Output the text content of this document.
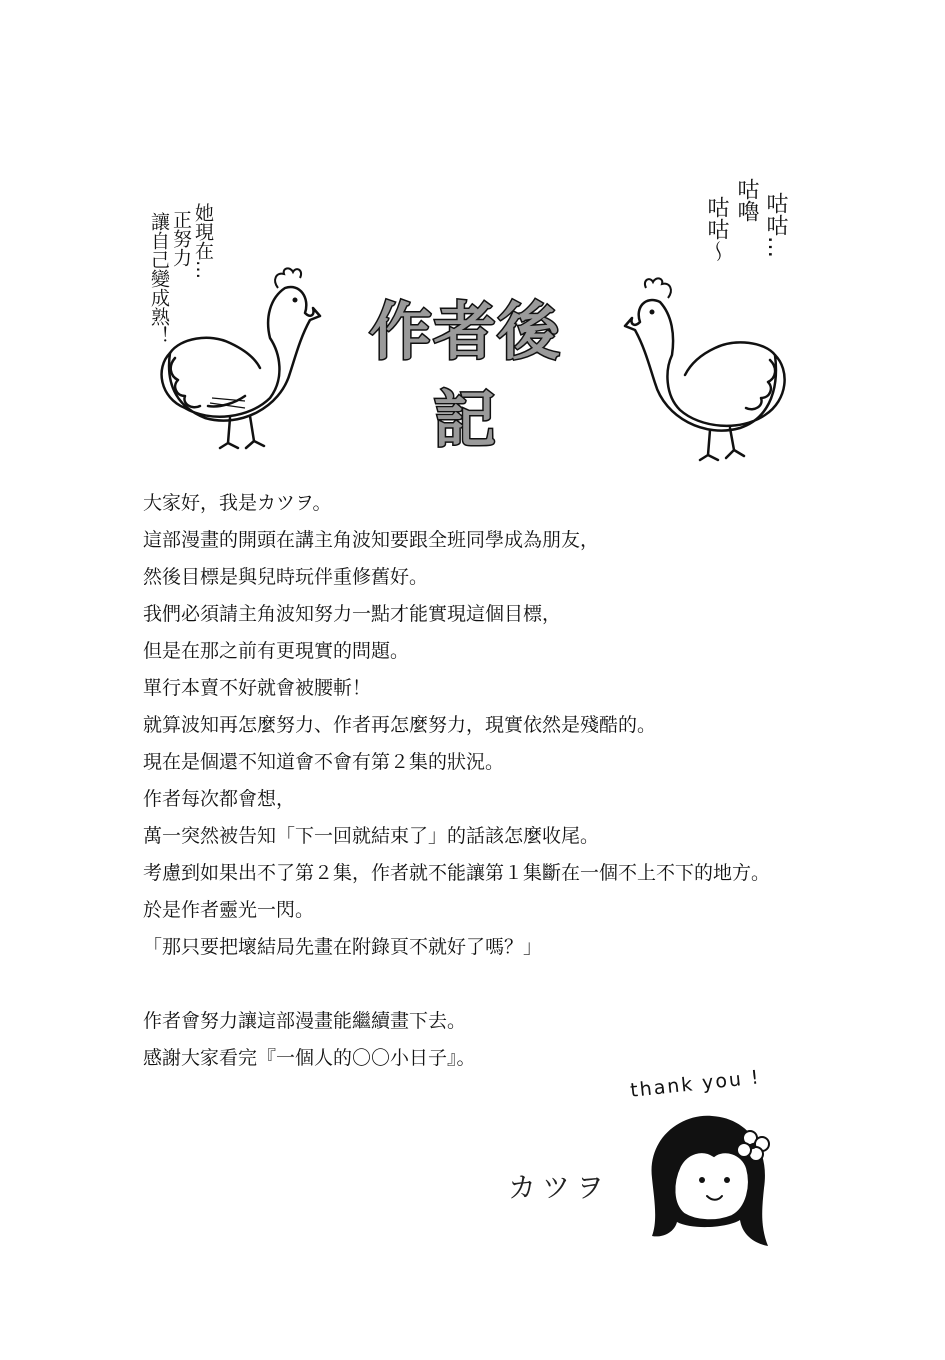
作者後記
她現在…
正努力
讓自己變成熟！	咕咕…
咕嚕
咕咕～
大家好，我是カツヲ。
這部漫畫的開頭在講主角波知要跟全班同學成為朋友，
然後目標是與兒時玩伴重修舊好。
我們必須請主角波知努力一點才能實現這個目標，
但是在那之前有更現實的問題。
單行本賣不好就會被腰斬！
就算波知再怎麼努力、作者再怎麼努力，現實依然是殘酷的。
現在是個還不知道會不會有第２集的狀況。
作者每次都會想，
萬一突然被告知「下一回就結束了」的話該怎麼收尾。
考慮到如果出不了第２集，作者就不能讓第１集斷在一個不上不下的地方。
於是作者靈光一閃。
「那只要把壞結局先畫在附錄頁不就好了嗎？」
作者會努力讓這部漫畫能繼續畫下去。
感謝大家看完『一個人的〇〇小日子』。
thank you !
カツヲ
